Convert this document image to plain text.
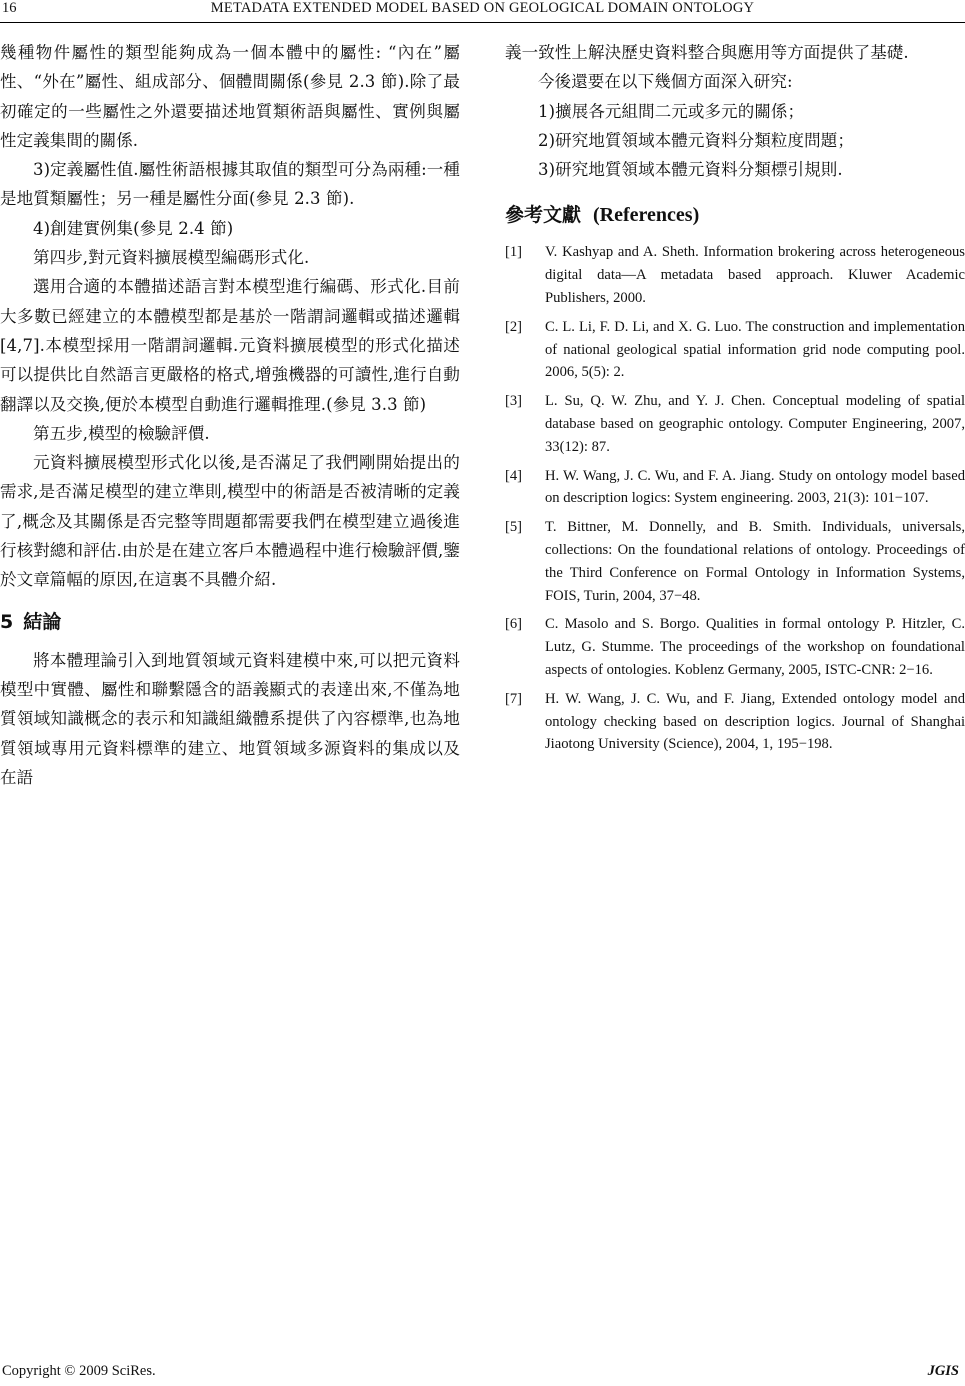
16	METADATA EXTENDED MODEL BASED ON GEOLOGICAL DOMAIN ONTOLOGY

幾種物件屬性的類型能夠成為一個本體中的屬性: “內在”屬性、“外在”屬性、組成部分、個體間關係(參見 2.3 節).除了最初確定的一些屬性之外還要描述地質類術語與屬性、實例與屬性定義集間的關係.

3)定義屬性值.屬性術語根據其取值的類型可分為兩種:一種是地質類屬性；另一種是屬性分面(參見 2.3 節).

4)創建實例集(參見 2.4 節)

第四步,對元資料擴展模型編碼形式化.

選用合適的本體描述語言對本模型進行編碼、形式化.目前大多數已經建立的本體模型都是基於一階謂詞邏輯或描述邏輯[4,7].本模型採用一階謂詞邏輯.元資料擴展模型的形式化描述可以提供比自然語言更嚴格的格式,增強機器的可讀性,進行自動翻譯以及交換,便於本模型自動進行邏輯推理.(參見 3.3 節)

第五步,模型的檢驗評價.

元資料擴展模型形式化以後,是否滿足了我們剛開始提出的需求,是否滿足模型的建立準則,模型中的術語是否被清晰的定義了,概念及其關係是否完整等問題都需要我們在模型建立過後進行核對總和評估.由於是在建立客戶本體過程中進行檢驗評價,鑒於文章篇幅的原因,在這裏不具體介紹.

5 結論

將本體理論引入到地質領域元資料建模中來,可以把元資料模型中實體、屬性和聯繫隱含的語義顯式的表達出來,不僅為地質領域知識概念的表示和知識組織體系提供了內容標準,也為地質領域專用元資料標準的建立、地質領域多源資料的集成以及在語

義一致性上解決歷史資料整合與應用等方面提供了基礎.

今後還要在以下幾個方面深入研究:

1)擴展各元組間二元或多元的關係；

2)研究地質領域本體元資料分類粒度問題；

3)研究地質領域本體元資料分類標引規則.

參考文獻 (References)
[1] V. Kashyap and A. Sheth. Information brokering across heterogeneous digital data—A metadata based approach. Kluwer Academic Publishers, 2000.
[2] C. L. Li, F. D. Li, and X. G. Luo. The construction and implementation of national geological spatial information grid node computing pool. 2006, 5(5): 2.
[3] L. Su, Q. W. Zhu, and Y. J. Chen. Conceptual modeling of spatial database based on geographic ontology. Computer Engineering, 2007, 33(12): 87.
[4] H. W. Wang, J. C. Wu, and F. A. Jiang. Study on ontology model based on description logics: System engineering. 2003, 21(3): 101−107.
[5] T. Bittner, M. Donnelly, and B. Smith. Individuals, universals, collections: On the foundational relations of ontology. Proceedings of the Third Conference on Formal Ontology in Information Systems, FOIS, Turin, 2004, 37−48.
[6] C. Masolo and S. Borgo. Qualities in formal ontology P. Hitzler, C. Lutz, G. Stumme. The proceedings of the workshop on foundational aspects of ontologies. Koblenz Germany, 2005, ISTC-CNR: 2−16.
[7] H. W. Wang, J. C. Wu, and F. Jiang, Extended ontology model and ontology checking based on description logics. Journal of Shanghai Jiaotong University (Science), 2004, 1, 195−198.
Copyright © 2009 SciRes.	JGIS
